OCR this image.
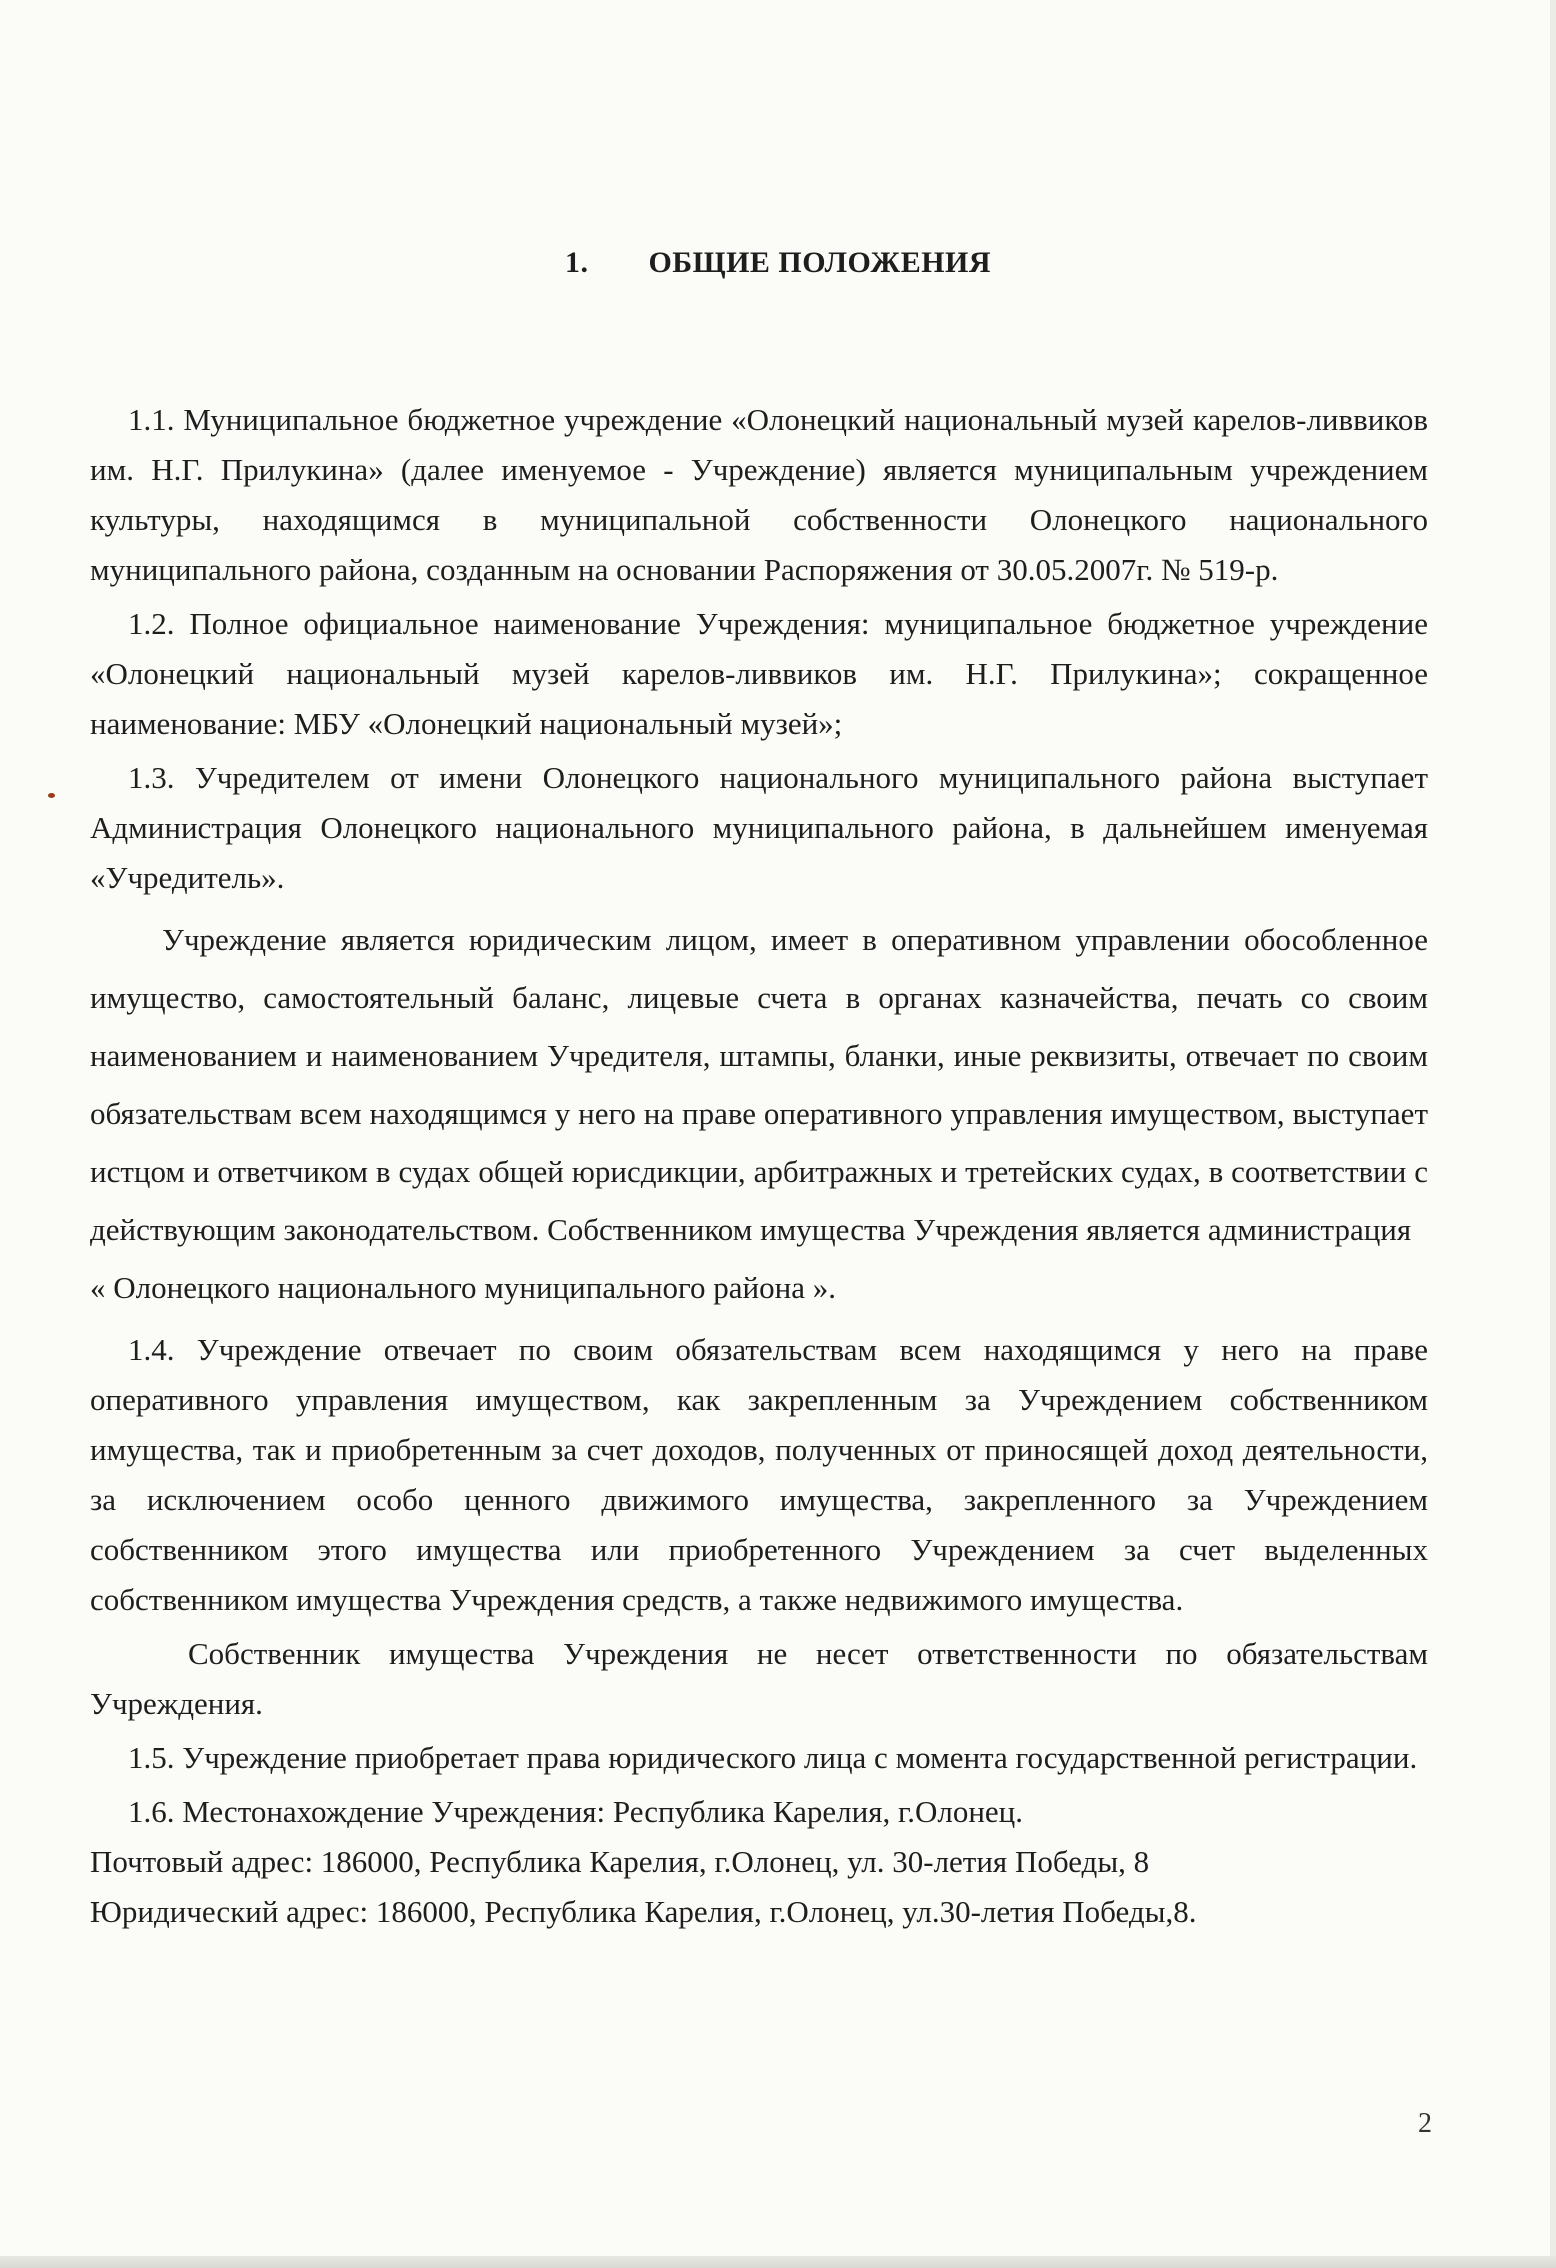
1. ОБЩИЕ ПОЛОЖЕНИЯ

1.1. Муниципальное бюджетное учреждение «Олонецкий национальный музей карелов-ливвиков им. Н.Г. Прилукина» (далее именуемое - Учреждение) является муниципальным учреждением культуры, находящимся в муниципальной собственности Олонецкого национального муниципального района, созданным на основании Распоряжения от 30.05.2007г. № 519-р.

1.2. Полное официальное наименование Учреждения: муниципальное бюджетное учреждение «Олонецкий национальный музей карелов-ливвиков им. Н.Г. Прилукина»; сокращенное наименование: МБУ «Олонецкий национальный музей»;

1.3. Учредителем от имени Олонецкого национального муниципального района выступает Администрация Олонецкого национального муниципального района, в дальнейшем именуемая «Учредитель».

Учреждение является юридическим лицом, имеет в оперативном управлении обособленное имущество, самостоятельный баланс, лицевые счета в органах казначейства, печать со своим наименованием и наименованием Учредителя, штампы, бланки, иные реквизиты, отвечает по своим обязательствам всем находящимся у него на праве оперативного управления имуществом, выступает истцом и ответчиком в судах общей юрисдикции, арбитражных и третейских судах, в соответствии с действующим законодательством. Собственником имущества Учреждения является администрация

« Олонецкого национального муниципального района ».

1.4. Учреждение отвечает по своим обязательствам всем находящимся у него на праве оперативного управления имуществом, как закрепленным за Учреждением собственником имущества, так и приобретенным за счет доходов, полученных от приносящей доход деятельности, за исключением особо ценного движимого имущества, закрепленного за Учреждением собственником этого имущества или приобретенного Учреждением за счет выделенных собственником имущества Учреждения средств, а также недвижимого имущества.

Собственник имущества Учреждения не несет ответственности по обязательствам Учреждения.

1.5. Учреждение приобретает права юридического лица с момента государственной регистрации.

1.6. Местонахождение Учреждения: Республика Карелия, г.Олонец.

Почтовый адрес: 186000, Республика Карелия, г.Олонец, ул. 30-летия Победы, 8

Юридический адрес: 186000, Республика Карелия, г.Олонец, ул.30-летия Победы,8.

2
